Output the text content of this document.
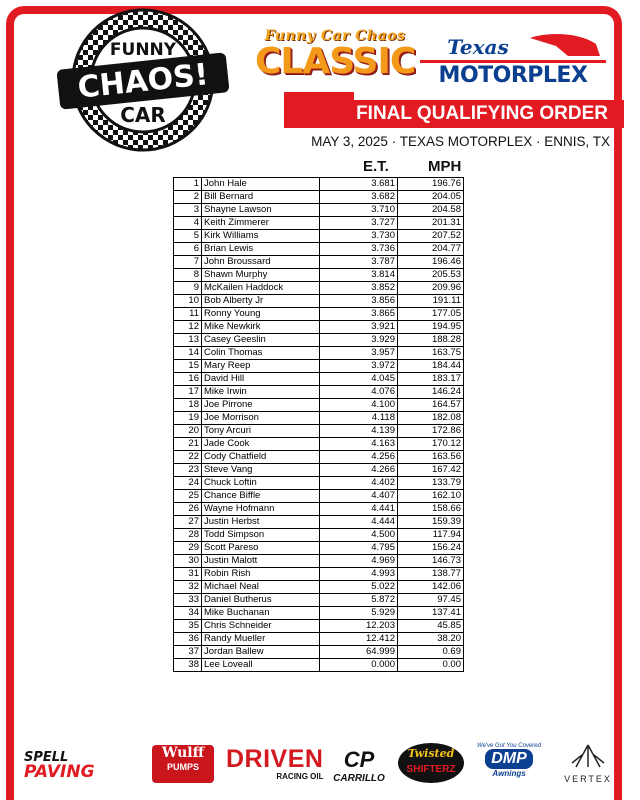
FUNNY
CHAOS!
CAR
Funny Car Chaos
CLASSIC Texas
MOTORPLEX
FINAL QUALIFYING ORDER
MAY 3, 2025 · TEXAS MOTORPLEX · ENNIS, TX
E.T.	MPH
1	John Hale	3.681	196.76
2	Bill Bernard	3.682	204.05
3	Shayne Lawson	3.710	204.58
4	Keith Zimmerer	3.727	201.31
5	Kirk Williams	3.730	207.52
6	Brian Lewis	3.736	204.77
7	John Broussard	3.787	196.46
8	Shawn Murphy	3.814	205.53
9	McKailen Haddock	3.852	209.96
10	Bob Alberty Jr	3.856	191.11
11	Ronny Young	3.865	177.05
12	Mike Newkirk	3.921	194.95
13	Casey Geeslin	3.929	188.28
14	Colin Thomas	3.957	163.75
15	Mary Reep	3.972	184.44
16	David Hill	4.045	183.17
17	Mike Irwin	4.076	146.24
18	Joe Pirrone	4.100	164.57
19	Joe Morrison	4.118	182.08
20	Tony Arcuri	4.139	172.86
21	Jade Cook	4.163	170.12
22	Cody Chatfield	4.256	163.56
23	Steve Vang	4.266	167.42
24	Chuck Loftin	4.402	133.79
25	Chance Biffle	4.407	162.10
26	Wayne Hofmann	4.441	158.66
27	Justin Herbst	4.444	159.39
28	Todd Simpson	4.500	117.94
29	Scott Pareso	4.795	156.24
30	Justin Malott	4.969	146.73
31	Robin Rish	4.993	138.77
32	Michael Neal	5.022	142.06
33	Daniel Butherus	5.872	97.45
34	Mike Buchanan	5.929	137.41
35	Chris Schneider	12.203	45.85
36	Randy Mueller	12.412	38.20
37	Jordan Ballew	64.999	0.69
38	Lee Loveall	0.000	0.00
SPELL
PAVING
Wulff
PUMPS	DRIVEN
RACING OIL
CP
CARRILLO
Twisted
SHIFTERZ
We've Got You Covered
DMP
Awnings
VERTEX
